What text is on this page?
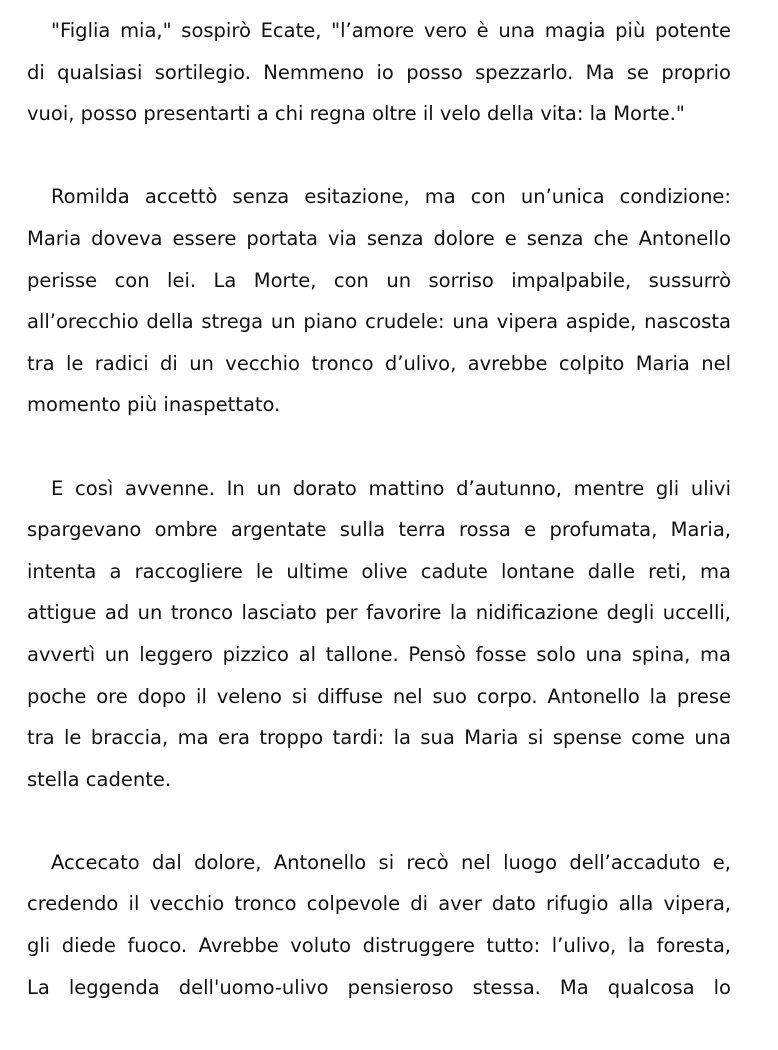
"Figlia mia," sospirò Ecate, "l’amore vero è una magia più potente
di qualsiasi sortilegio. Nemmeno io posso spezzarlo. Ma se proprio
vuoi, posso presentarti a chi regna oltre il velo della vita: la Morte."
Romilda accettò senza esitazione, ma con un’unica condizione:
Maria doveva essere portata via senza dolore e senza che Antonello
perisse con lei. La Morte, con un sorriso impalpabile, sussurrò
all’orecchio della strega un piano crudele: una vipera aspide, nascosta
tra le radici di un vecchio tronco d’ulivo, avrebbe colpito Maria nel
momento più inaspettato.
E così avvenne. In un dorato mattino d’autunno, mentre gli ulivi
spargevano ombre argentate sulla terra rossa e profumata, Maria,
intenta a raccogliere le ultime olive cadute lontane dalle reti, ma
attigue ad un tronco lasciato per favorire la nidificazione degli uccelli,
avvertì un leggero pizzico al tallone. Pensò fosse solo una spina, ma
poche ore dopo il veleno si diffuse nel suo corpo. Antonello la prese
tra le braccia, ma era troppo tardi: la sua Maria si spense come una
stella cadente.
Accecato dal dolore, Antonello si recò nel luogo dell’accaduto e,
credendo il vecchio tronco colpevole di aver dato rifugio alla vipera,
gli diede fuoco. Avrebbe voluto distruggere tutto: l’ulivo, la foresta,
La leggenda dell'uomo-ulivo pensieroso stessa. Ma qualcosa lo
